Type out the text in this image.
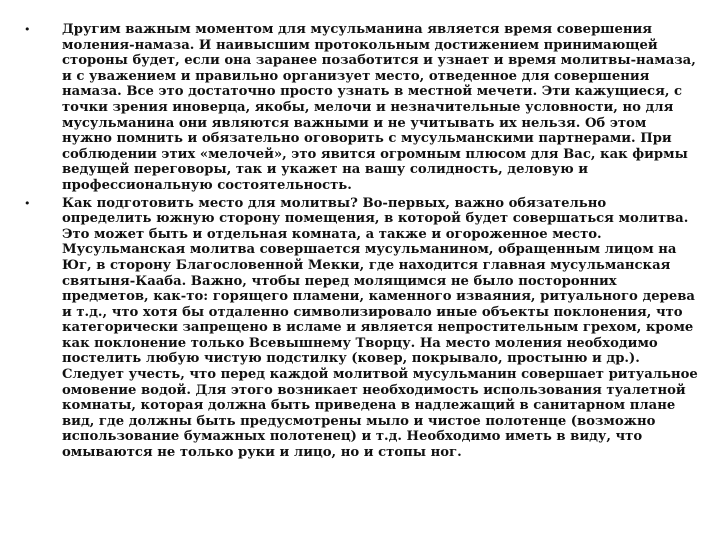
•	Другим важным моментом для мусульманина является время совершения моления-намаза. И наивысшим протокольным достижением принимающей стороны будет, если она заранее позаботится и узнает и время молитвы-намаза, и с уважением и правильно организует место, отведенное для совершения намаза. Все это достаточно просто узнать в местной мечети. Эти кажущиеся, с точки зрения иноверца, якобы, мелочи и незначительные условности, но для мусульманина они являются важными и не учитывать их нельзя. Об этом нужно помнить и обязательно оговорить с мусульманскими партнерами. При соблюдении этих «мелочей», это явится огромным плюсом для Вас, как фирмы ведущей переговоры, так и укажет на вашу солидность, деловую и профессиональную состоятельность.
•	Как подготовить место для молитвы? Во-первых, важно обязательно определить южную сторону помещения, в которой будет совершаться молитва. Это может быть и отдельная комната, а также и огороженное место. Мусульманская молитва совершается мусульманином, обращенным лицом на Юг, в сторону Благословенной Мекки, где находится главная мусульманская святыня-Кааба. Важно, чтобы перед молящимся не было посторонних предметов, как-то: горящего пламени, каменного изваяния, ритуального дерева и т.д., что хотя бы отдаленно символизировало иные объекты поклонения, что категорически запрещено в исламе и является непростительным грехом, кроме как поклонение только Всевышнему Творцу. На место моления необходимо постелить любую чистую подстилку (ковер, покрывало, простыню и др.). Следует учесть, что перед каждой молитвой мусульманин совершает ритуальное омовение водой. Для этого возникает необходимость использования туалетной комнаты, которая должна быть приведена в надлежащий в санитарном плане вид, где должны быть предусмотрены мыло и чистое полотенце (возможно использование бумажных полотенец) и т.д. Необходимо иметь в виду, что омываются не только руки и лицо, но и стопы ног.
